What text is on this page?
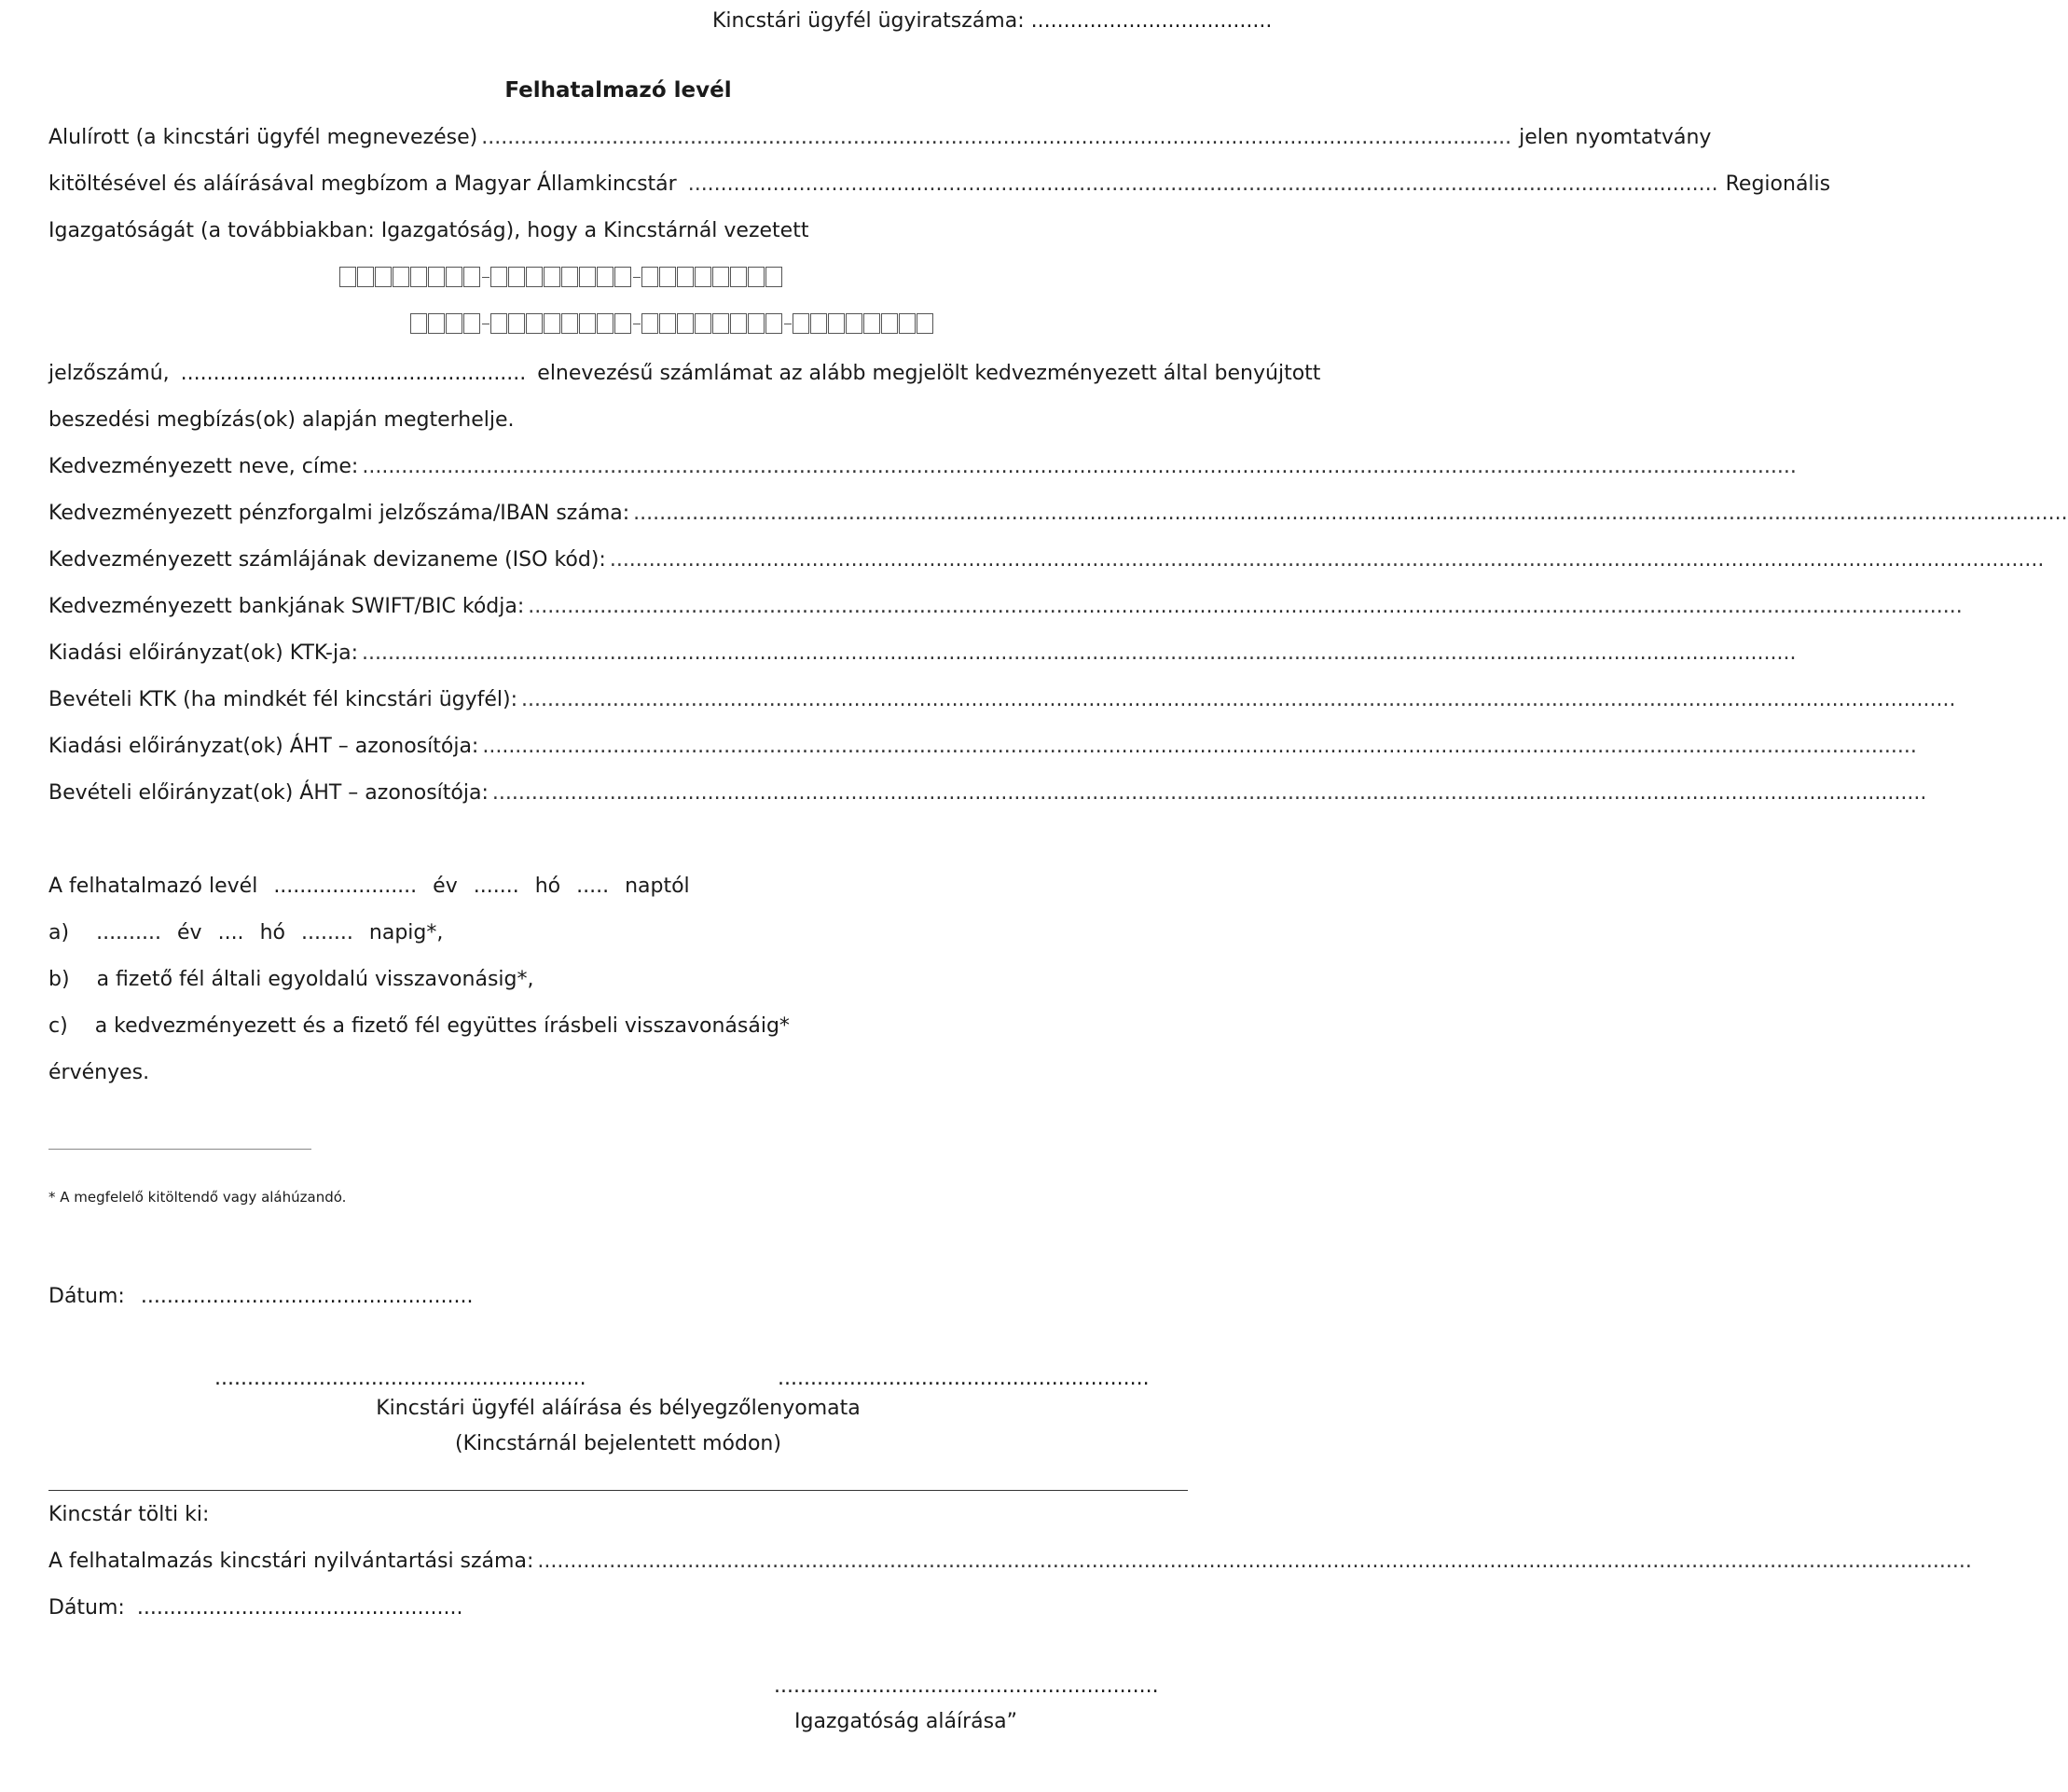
Kincstári ügyfél ügyiratszáma: .....................................
Felhatalmazó levél
Alulírott (a kincstári ügyfél megnevezése) .............................................................................................................................................................. jelen nyomtatvány
kitöltésével és aláírásával megbízom a Magyar Államkincstár .............................................................................................................................................................. Regionális
Igazgatóságát (a továbbiakban: Igazgatóság), hogy a Kincstárnál vezetett
jelzőszámú, ..................................................... elnevezésű számlámat az alább megjelölt kedvezményezett által benyújtott
beszedési megbízás(ok) alapján megterhelje.
Kedvezményezett neve, címe: ............................................................................................................................................................................................................................
Kedvezményezett pénzforgalmi jelzőszáma/IBAN száma: ............................................................................................................................................................................................................................
Kedvezményezett számlájának devizaneme (ISO kód): ............................................................................................................................................................................................................................
Kedvezményezett bankjának SWIFT/BIC kódja: ............................................................................................................................................................................................................................
Kiadási előirányzat(ok) KTK-ja: ............................................................................................................................................................................................................................
Bevételi KTK (ha mindkét fél kincstári ügyfél): ............................................................................................................................................................................................................................
Kiadási előirányzat(ok) ÁHT – azonosítója: ............................................................................................................................................................................................................................
Bevételi előirányzat(ok) ÁHT – azonosítója: ............................................................................................................................................................................................................................
A felhatalmazó levél ...................... év ....... hó ..... naptól
a) .......... év .... hó ........ napig*,
b) a fizető fél általi egyoldalú visszavonásig*,
c) a kedvezményezett és a fizető fél együttes írásbeli visszavonásáig*
érvényes.
* A megfelelő kitöltendő vagy aláhúzandó.
Dátum: ...................................................
.........................................................	.........................................................
Kincstári ügyfél aláírása és bélyegzőlenyomata
(Kincstárnál bejelentett módon)
Kincstár tölti ki:
A felhatalmazás kincstári nyilvántartási száma: ............................................................................................................................................................................................................................
Dátum: ..................................................
...........................................................
Igazgatóság aláírása”
